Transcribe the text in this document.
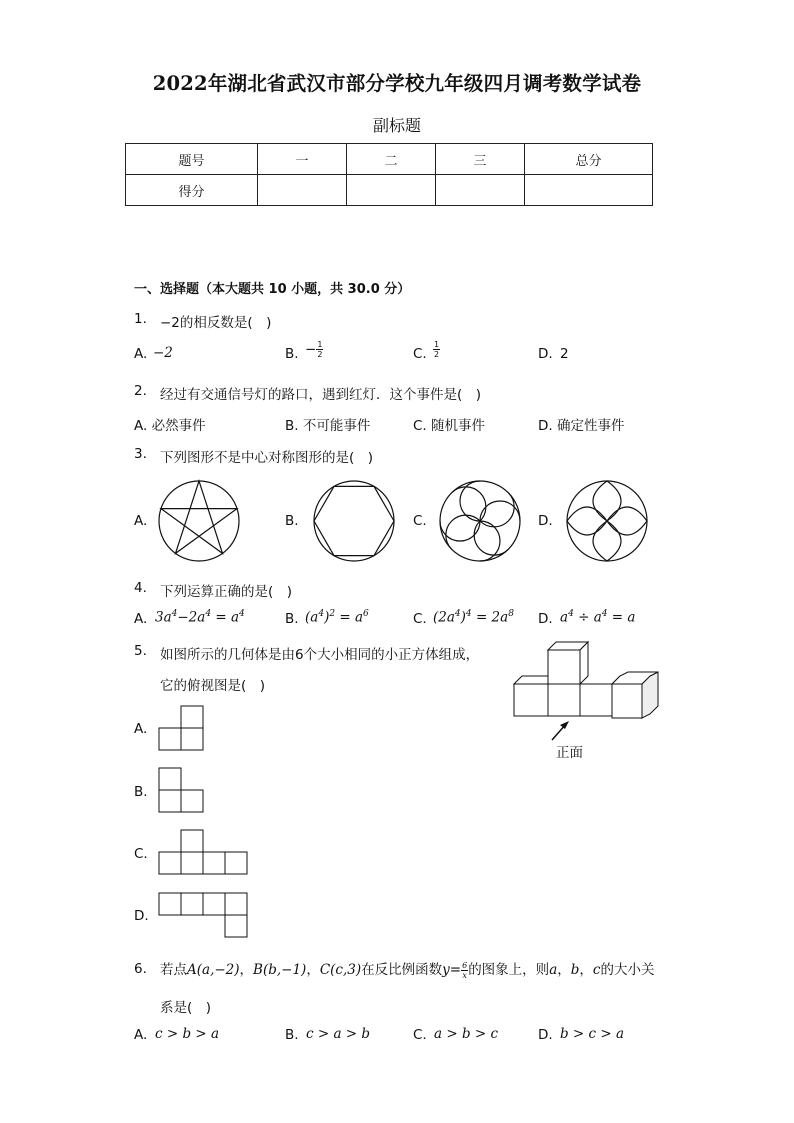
2022年湖北省武汉市部分学校九年级四月调考数学试卷
副标题
题号	一	二	三	总分
得分				
一、选择题（本大题共 10 小题，共 30.0 分）
1. −2的相反数是(　)
A. −2	B. − $\frac{1}{2}$	C. $\frac{1}{2}$	D. 2
2. 经过有交通信号灯的路口，遇到红灯．这个事件是(　)
A. 必然事件	B. 不可能事件	C. 随机事件	D. 确定性事件
3. 下列图形不是中心对称图形的是(　)
A.	B.	C.	D.
4. 下列运算正确的是(　)
A. $3a^4-2a^4 = a^4$	B. $(a^4)^2 = a^6$	C. $(2a^4)^4 = 2a^8$ D. $a^4 \div a^4 = a$
5. 如图所示的几何体是由6个大小相同的小正方体组成，
它的俯视图是(　)
正面
A.
B.
C.
D.
6. 若点A(a,−2)，B(b,−1)，C(c,3)在反比例函数$y= \frac{6}{x}$ 的图象上，则a，b，c的大小关
系是(　)
A. c > b > a	B. c > a > b	C. a > b > c	D. b > c > a
